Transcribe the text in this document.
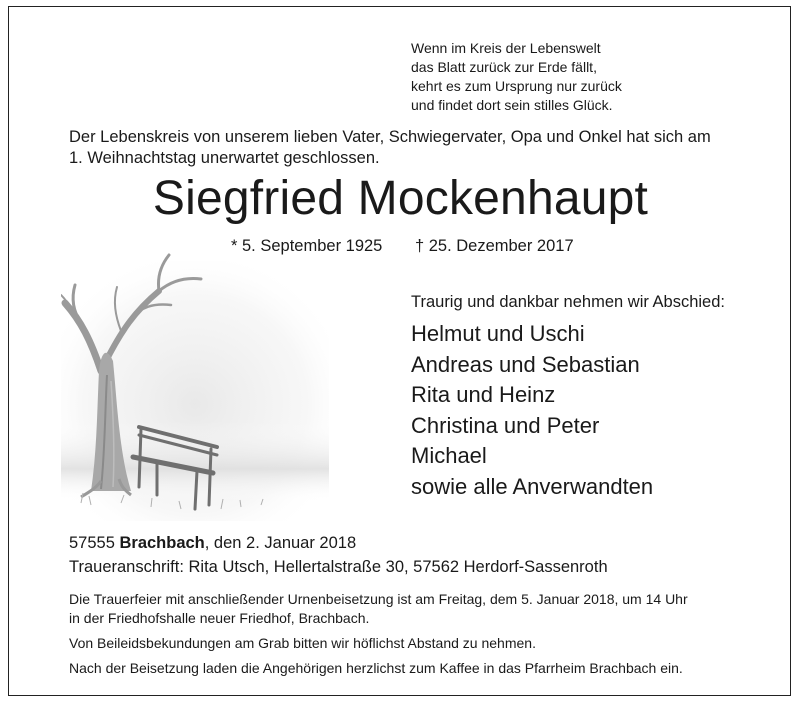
Wenn im Kreis der Lebenswelt
das Blatt zurück zur Erde fällt,
kehrt es zum Ursprung nur zurück
und findet dort sein stilles Glück.
Der Lebenskreis von unserem lieben Vater, Schwiegervater, Opa und Onkel hat sich am
1. Weihnachtstag unerwartet geschlossen.
Siegfried Mockenhaupt
* 5. September 1925 † 25. Dezember 2017
Traurig und dankbar nehmen wir Abschied:
Helmut und Uschi
Andreas und Sebastian
Rita und Heinz
Christina und Peter
Michael
sowie alle Anverwandten
57555 Brachbach, den 2. Januar 2018
Traueranschrift: Rita Utsch, Hellertalstraße 30, 57562 Herdorf-Sassenroth

Die Trauerfeier mit anschließender Urnenbeisetzung ist am Freitag, dem 5. Januar 2018, um 14 Uhr

in der Friedhofshalle neuer Friedhof, Brachbach.

Von Beileidsbekundungen am Grab bitten wir höflichst Abstand zu nehmen.

Nach der Beisetzung laden die Angehörigen herzlichst zum Kaffee in das Pfarrheim Brachbach ein.
